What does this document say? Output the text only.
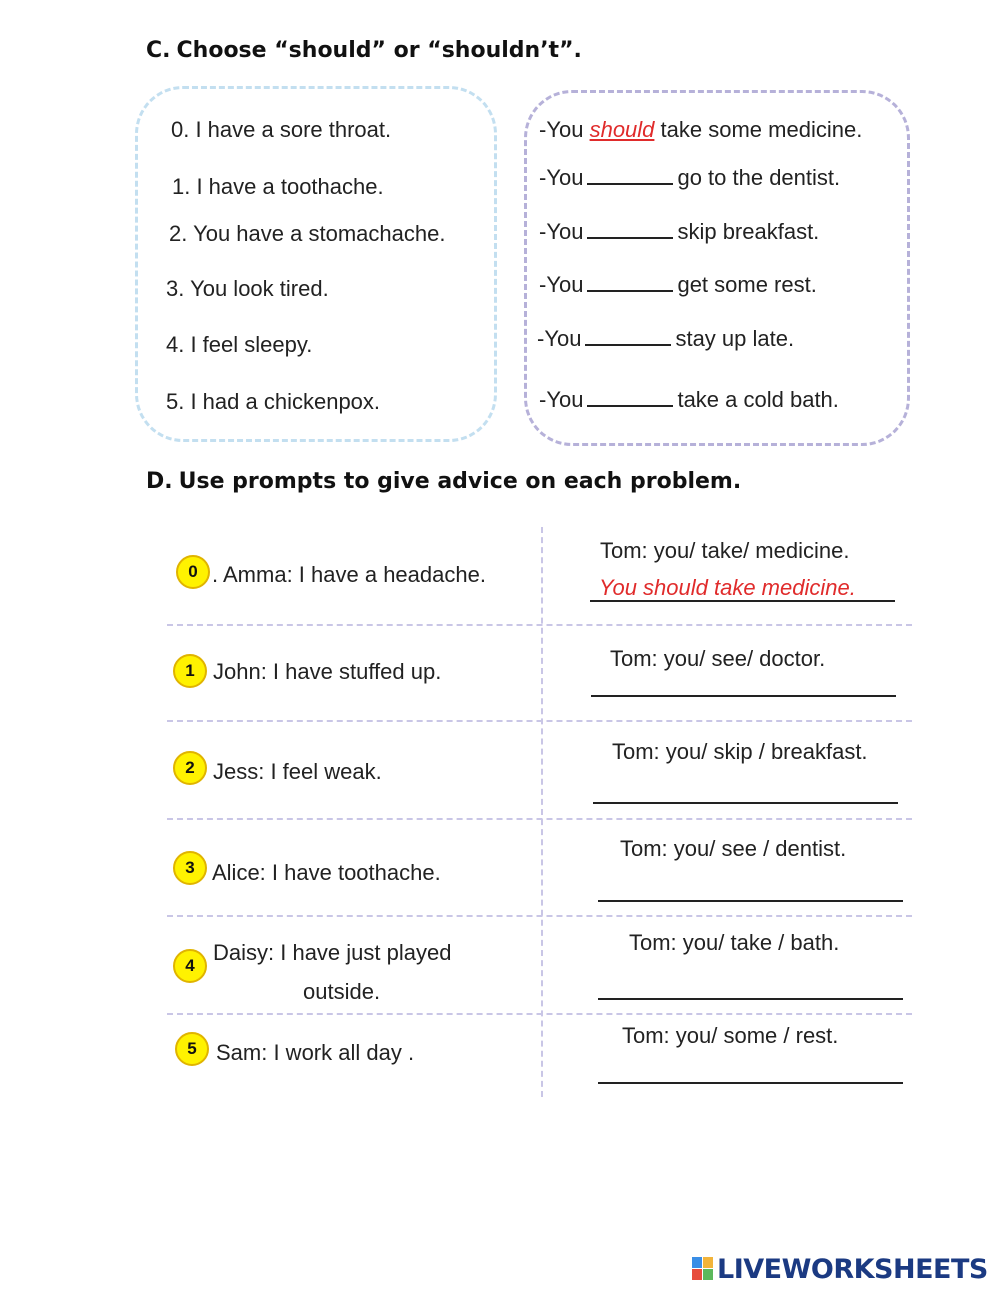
C. Choose “should” or “shouldn’t”.
0. I have a sore throat.
1. I have a toothache.
2. You have a stomachache.
3. You look tired.
4. I feel sleepy.
5. I had a chickenpox.
-You should take some medicine.
-You	go to the dentist.
-You	skip breakfast.
-You	get some rest.
-You	stay up late.
-You	take a cold bath.
D. Use prompts to give advice on each problem.
0 . Amma: I have a headache.
Tom: you/ take/ medicine.
You should take medicine.
1 John: I have stuffed up.
Tom: you/ see/ doctor.
2 Jess: I feel weak.
Tom: you/ skip / breakfast.
3 Alice: I have toothache.
Tom: you/ see / dentist.
4
Daisy: I have just played
outside.
Tom: you/ take / bath.
5 Sam: I work all day .
Tom: you/ some / rest.
LIVEWORKSHEETS
